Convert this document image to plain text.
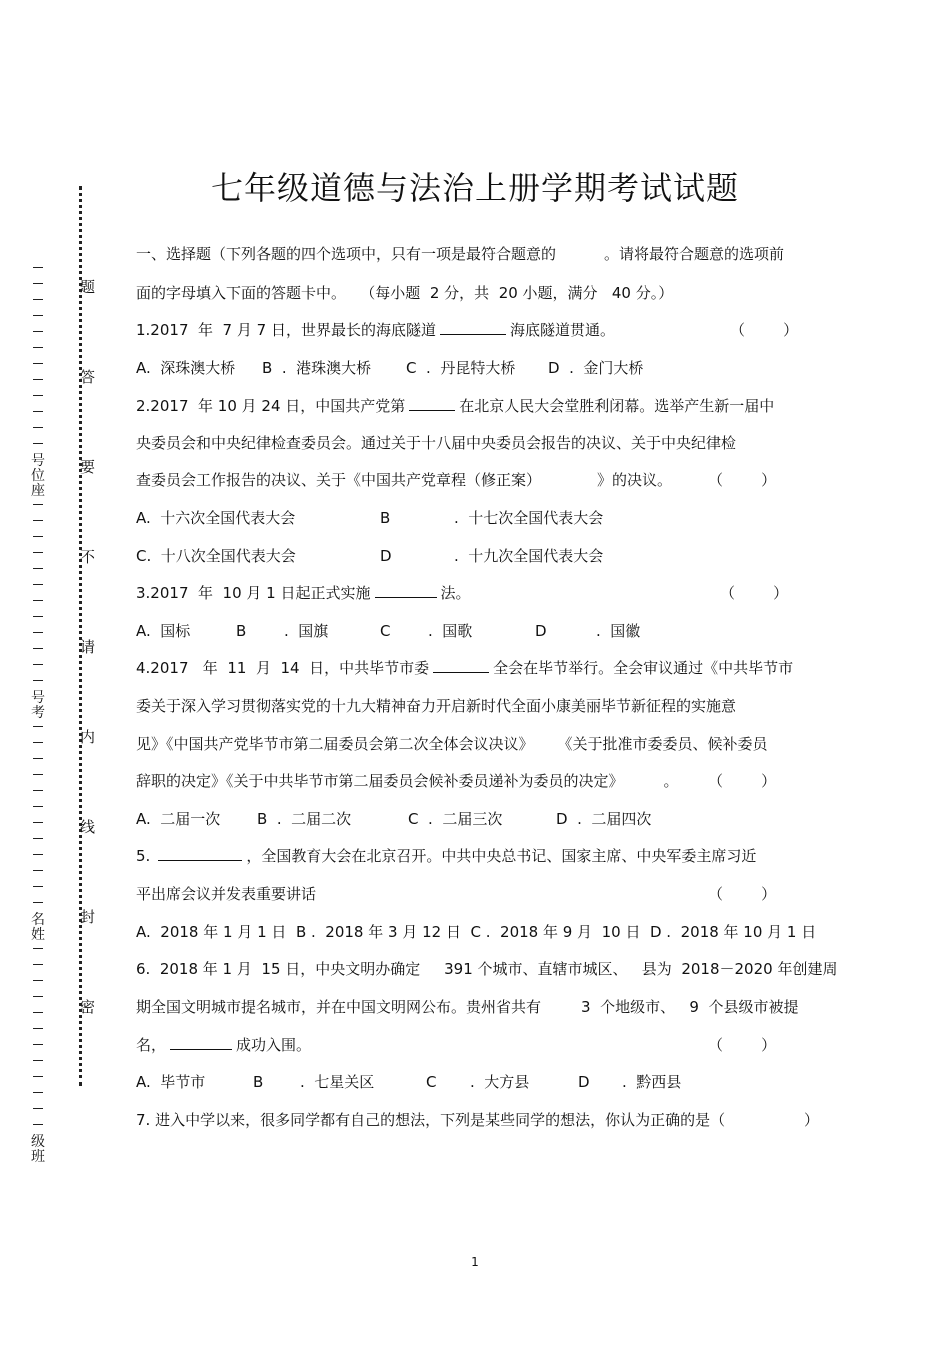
题
答
要
不
请
内
线
封
密
号位座
号考
名姓
级班
七年级道德与法治上册学期考试试题
一、选择题（下列各题的四个选项中，只有一项是最符合题意的	。请将最符合题意的选项前
面的字母填入下面的答题卡中。   （每小题  2 分，共  20 小题，满分   40 分。）
1.2017  年  7 月 7 日，世界最长的海底隧道	海底隧道贯通。	（        ）
A.  深珠澳大桥 B  .  港珠澳大桥 C  .  丹昆特大桥 D  .  金门大桥
2.2017  年 10 月 24 日，中国共产党第	在北京人民大会堂胜利闭幕。选举产生新一届中
央委员会和中央纪律检查委员会。通过关于十八届中央委员会报告的决议、关于中央纪律检
查委员会工作报告的决议、关于《中国共产党章程（修正案）	》的决议。 （        ）
A.  十六次全国代表大会	B	.  十七次全国代表大会
C.  十八次全国代表大会	D	.  十九次全国代表大会
3.2017  年  10 月 1 日起正式实施	法。	（        ）
A.  国标	B	.  国旗	C	.  国歌	D	.  国徽
4.2017   年  11  月  14  日，中共毕节市委	全会在毕节举行。全会审议通过《中共毕节市
委关于深入学习贯彻落实党的十九大精神奋力开启新时代全面小康美丽毕节新征程的实施意
见》《中国共产党毕节市第二届委员会第二次全体会议决议》 《关于批准市委委员、候补委员
辞职的决定》《关于中共毕节市第二届委员会候补委员递补为委员的决定》	。 （        ）
A.  二届一次 B  .  二届二次	C  .  二届三次	D  .  二届四次
5.	，全国教育大会在北京召开。中共中央总书记、国家主席、中央军委主席习近
平出席会议并发表重要讲话	（        ）
A.  2018 年 1 月 1 日  B .  2018 年 3 月 12 日  C .  2018 年 9 月  10 日  D .  2018 年 10 月 1 日
6.  2018 年 1 月  15 日，中央文明办确定     391 个城市、直辖市城区、   县为  2018－2020 年创建周
期全国文明城市提名城市，并在中国文明网公布。贵州省共有	3  个地级市、   9  个县级市被提
名，	成功入围。	（        ）
A.  毕节市	B .  七星关区	C .  大方县	D .  黔西县
7. 进入中学以来，很多同学都有自己的想法，下列是某些同学的想法，你认为正确的是（	）
1
